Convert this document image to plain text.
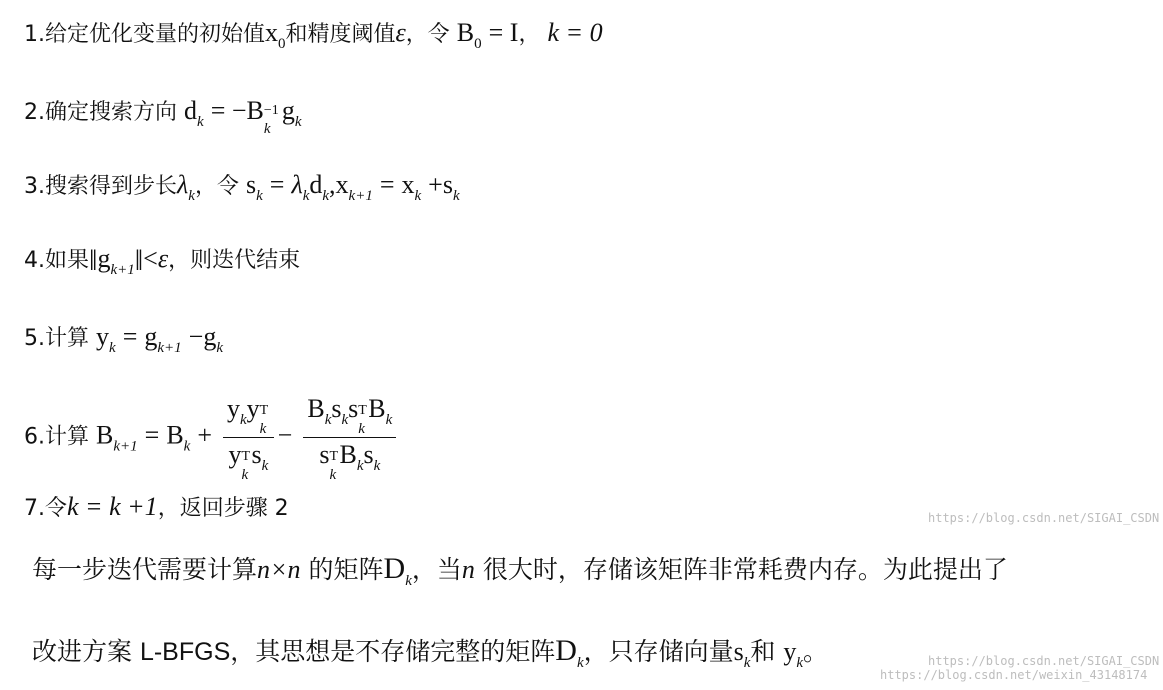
1.给定优化变量的初始值$x_0$和精度阈值ε，令 $B_0 = I$， k = 0
2.确定搜索方向 $d_k = -B -1$
k
$g_k$
3.搜索得到步长$\lambda_k$，令 $s_k = \lambda_kd_k,x_{k+1} = x_k +s_k$
4.如果$‖g_{k+1}‖<\varepsilon$，则迭代结束
5.计算 $y_k = g_{k+1} -g_k$
6.计算 $B_{k+1} = B_k + y_ky$ T
k
y T
k
$s_k - B_ks_ks$ T
k
$B_k$
s T
k
$B_ks_k$
7.令k = k +1，返回步骤 2	https://blog.csdn.net/SIGAI_CSDN
每一步迭代需要计算n×n 的矩阵$D_k$，当n 很大时，存储该矩阵非常耗费内存。为此提出了
改进方案 L-BFGS，其思想是不存储完整的矩阵$D_k$，只存储向量$s_k$和 $y_k$。	https://blog.csdn.net/SIGAI_CSDN
https://blog.csdn.net/weixin_43148174
